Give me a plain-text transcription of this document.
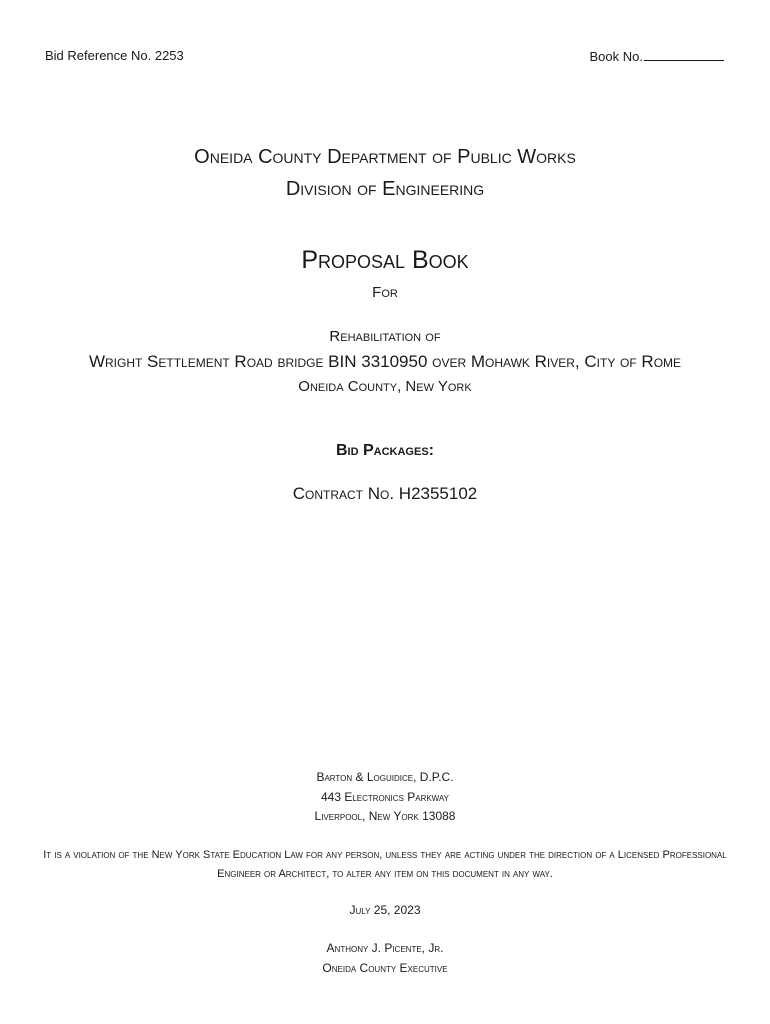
Bid Reference No. 2253	Book No.
Oneida County Department of Public Works
Division of Engineering
Proposal Book
For
Rehabilitation of
Wright Settlement Road bridge BIN 3310950 over Mohawk River, City of Rome
Oneida County, New York
Bid Packages:
Contract No. H2355102
Barton & Loguidice, D.P.C.
443 Electronics Parkway
Liverpool, New York 13088
It is a violation of the New York State Education Law for any person, unless they are acting under the direction of a Licensed Professional Engineer or Architect, to alter any item on this document in any way.
July 25, 2023
Anthony J. Picente, Jr.
Oneida County Executive
